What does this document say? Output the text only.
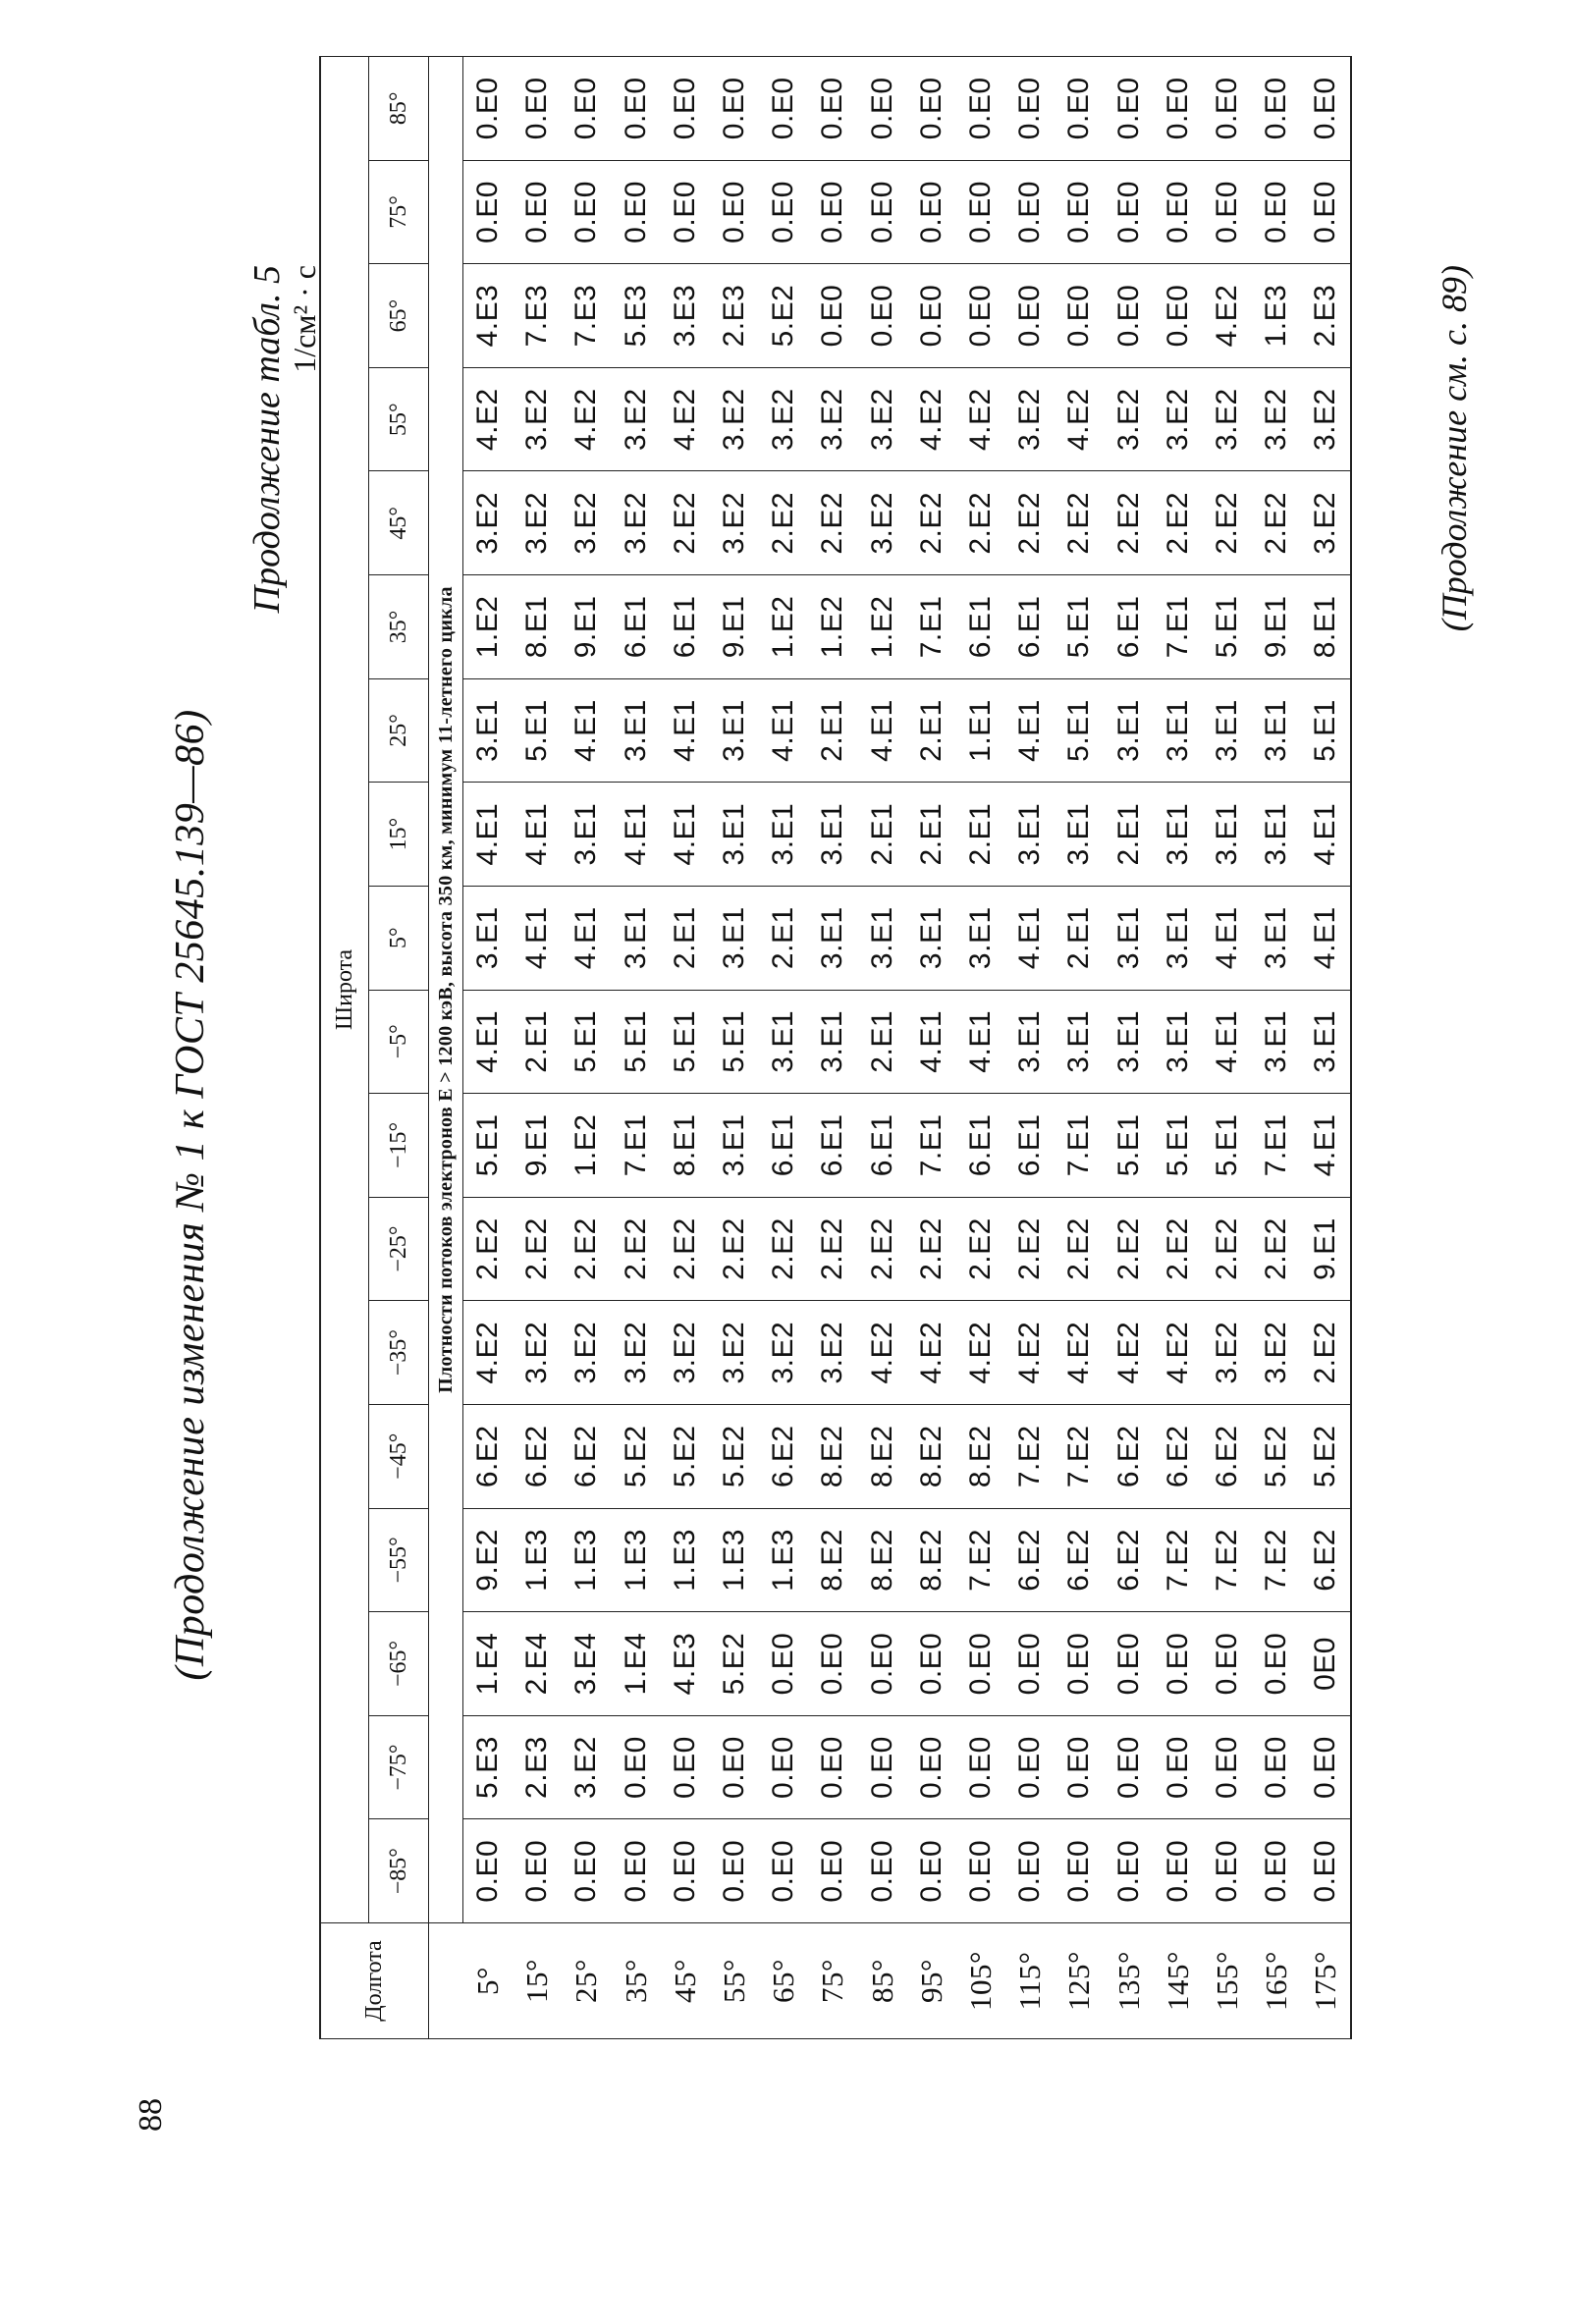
88
(Продолжение изменения № 1 к ГОСТ 25645.139—86)
Продолжение табл. 5 1/см² · с
Долгота	Широта																	
	−85°	−75°	−65°	−55°	−45°	−35°	−25°	−15°	−5°	5°	15°	25°	35°	45°	55°	65°	75°	85°
	Плотности потоков электронов E > 1200 кэВ, высота 350 км, минимум 11-летнего цикла																	
5°	0.E0	5.E3	1.E4	9.E2	6.E2	4.E2	2.E2	5.E1	4.E1	3.E1	4.E1	3.E1	1.E2	3.E2	4.E2	4.E3	0.E0	0.E0
15°	0.E0	2.E3	2.E4	1.E3	6.E2	3.E2	2.E2	9.E1	2.E1	4.E1	4.E1	5.E1	8.E1	3.E2	3.E2	7.E3	0.E0	0.E0
25°	0.E0	3.E2	3.E4	1.E3	6.E2	3.E2	2.E2	1.E2	5.E1	4.E1	3.E1	4.E1	9.E1	3.E2	4.E2	7.E3	0.E0	0.E0
35°	0.E0	0.E0	1.E4	1.E3	5.E2	3.E2	2.E2	7.E1	5.E1	3.E1	4.E1	3.E1	6.E1	3.E2	3.E2	5.E3	0.E0	0.E0
45°	0.E0	0.E0	4.E3	1.E3	5.E2	3.E2	2.E2	8.E1	5.E1	2.E1	4.E1	4.E1	6.E1	2.E2	4.E2	3.E3	0.E0	0.E0
55°	0.E0	0.E0	5.E2	1.E3	5.E2	3.E2	2.E2	3.E1	5.E1	3.E1	3.E1	3.E1	9.E1	3.E2	3.E2	2.E3	0.E0	0.E0
65°	0.E0	0.E0	0.E0	1.E3	6.E2	3.E2	2.E2	6.E1	3.E1	2.E1	3.E1	4.E1	1.E2	2.E2	3.E2	5.E2	0.E0	0.E0
75°	0.E0	0.E0	0.E0	8.E2	8.E2	3.E2	2.E2	6.E1	3.E1	3.E1	3.E1	2.E1	1.E2	2.E2	3.E2	0.E0	0.E0	0.E0
85°	0.E0	0.E0	0.E0	8.E2	8.E2	4.E2	2.E2	6.E1	2.E1	3.E1	2.E1	4.E1	1.E2	3.E2	3.E2	0.E0	0.E0	0.E0
95°	0.E0	0.E0	0.E0	8.E2	8.E2	4.E2	2.E2	7.E1	4.E1	3.E1	2.E1	2.E1	7.E1	2.E2	4.E2	0.E0	0.E0	0.E0
105°	0.E0	0.E0	0.E0	7.E2	8.E2	4.E2	2.E2	6.E1	4.E1	3.E1	2.E1	1.E1	6.E1	2.E2	4.E2	0.E0	0.E0	0.E0
115°	0.E0	0.E0	0.E0	6.E2	7.E2	4.E2	2.E2	6.E1	3.E1	4.E1	3.E1	4.E1	6.E1	2.E2	3.E2	0.E0	0.E0	0.E0
125°	0.E0	0.E0	0.E0	6.E2	7.E2	4.E2	2.E2	7.E1	3.E1	2.E1	3.E1	5.E1	5.E1	2.E2	4.E2	0.E0	0.E0	0.E0
135°	0.E0	0.E0	0.E0	6.E2	6.E2	4.E2	2.E2	5.E1	3.E1	3.E1	2.E1	3.E1	6.E1	2.E2	3.E2	0.E0	0.E0	0.E0
145°	0.E0	0.E0	0.E0	7.E2	6.E2	4.E2	2.E2	5.E1	3.E1	3.E1	3.E1	3.E1	7.E1	2.E2	3.E2	0.E0	0.E0	0.E0
155°	0.E0	0.E0	0.E0	7.E2	6.E2	3.E2	2.E2	5.E1	4.E1	4.E1	3.E1	3.E1	5.E1	2.E2	3.E2	4.E2	0.E0	0.E0
165°	0.E0	0.E0	0.E0	7.E2	5.E2	3.E2	2.E2	7.E1	3.E1	3.E1	3.E1	3.E1	9.E1	2.E2	3.E2	1.E3	0.E0	0.E0
175°	0.E0	0.E0	0E0	6.E2	5.E2	2.E2	9.E1	4.E1	3.E1	4.E1	4.E1	5.E1	8.E1	3.E2	3.E2	2.E3	0.E0	0.E0
(Продолжение см. с. 89)
